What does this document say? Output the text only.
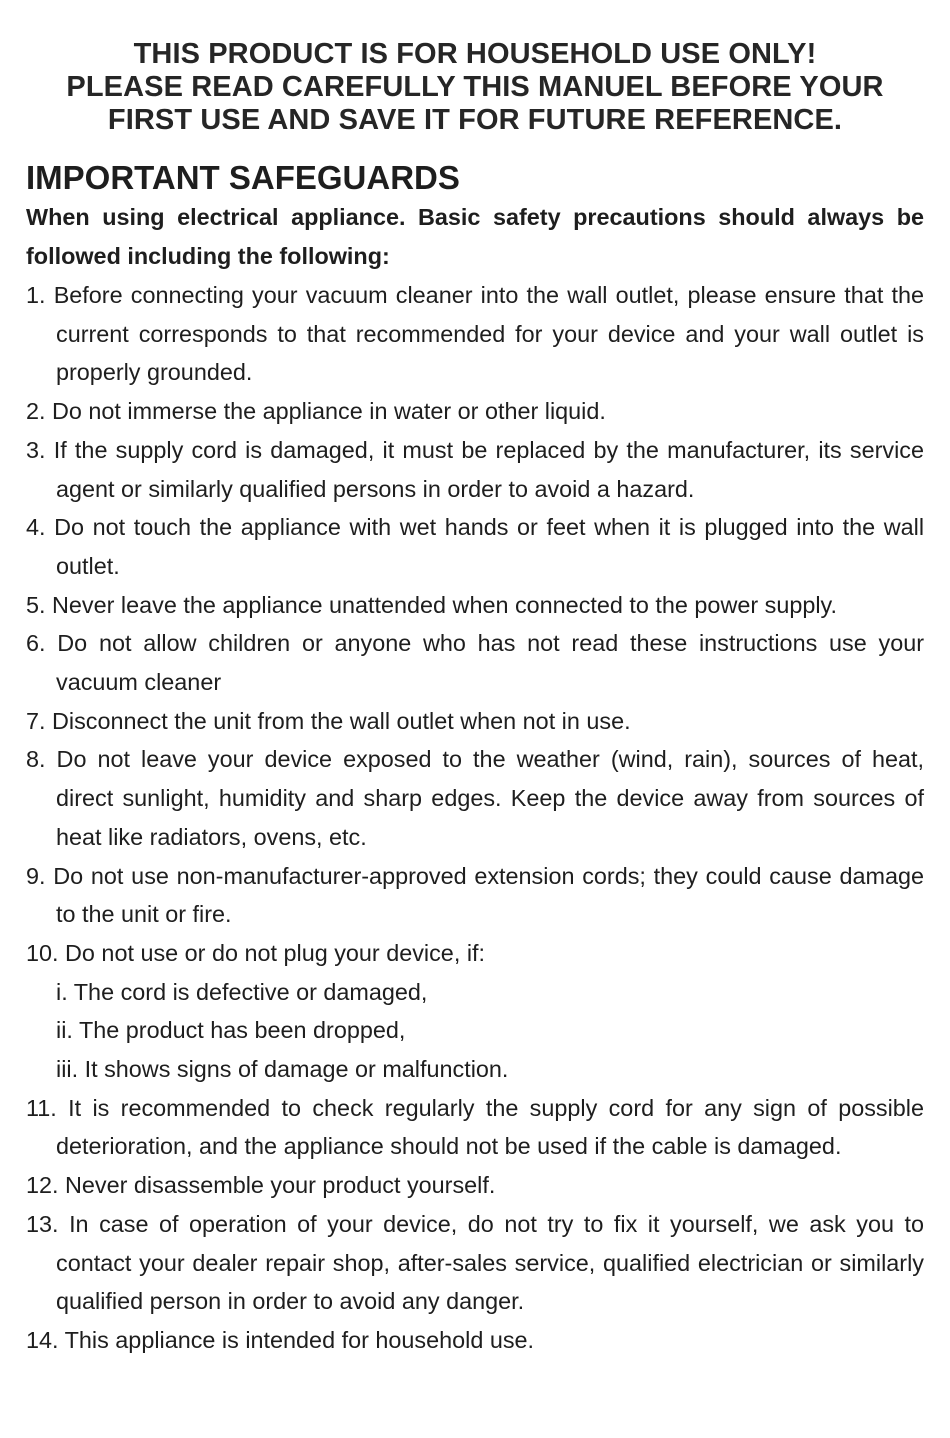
THIS PRODUCT IS FOR HOUSEHOLD USE ONLY!
PLEASE READ CAREFULLY THIS MANUEL BEFORE YOUR
FIRST USE AND SAVE IT FOR FUTURE REFERENCE.
IMPORTANT SAFEGUARDS
When using electrical appliance. Basic safety precautions should always be followed including the following:
1. Before connecting your vacuum cleaner into the wall outlet, please ensure that the current corresponds to that recommended for your device and your wall outlet is properly grounded.
2. Do not immerse the appliance in water or other liquid.
3. If the supply cord is damaged, it must be replaced by the manufacturer, its service agent or similarly qualified persons in order to avoid a hazard.
4. Do not touch the appliance with wet hands or feet when it is plugged into the wall outlet.
5. Never leave the appliance unattended when connected to the power supply.
6. Do not allow children or anyone who has not read these instructions use your vacuum cleaner
7. Disconnect the unit from the wall outlet when not in use.
8. Do not leave your device exposed to the weather (wind, rain), sources of heat, direct sunlight, humidity and sharp edges. Keep the device away from sources of heat like radiators, ovens, etc.
9. Do not use non-manufacturer-approved extension cords; they could cause damage to the unit or fire.
10. Do not use or do not plug your device, if:
i. The cord is defective or damaged,
ii. The product has been dropped,
iii. It shows signs of damage or malfunction.
11. It is recommended to check regularly the supply cord for any sign of possible deterioration, and the appliance should not be used if the cable is damaged.
12. Never disassemble your product yourself.
13. In case of operation of your device, do not try to fix it yourself, we ask you to contact your dealer repair shop, after-sales service, qualified electrician or similarly qualified person in order to avoid any danger.
14. This appliance is intended for household use.
